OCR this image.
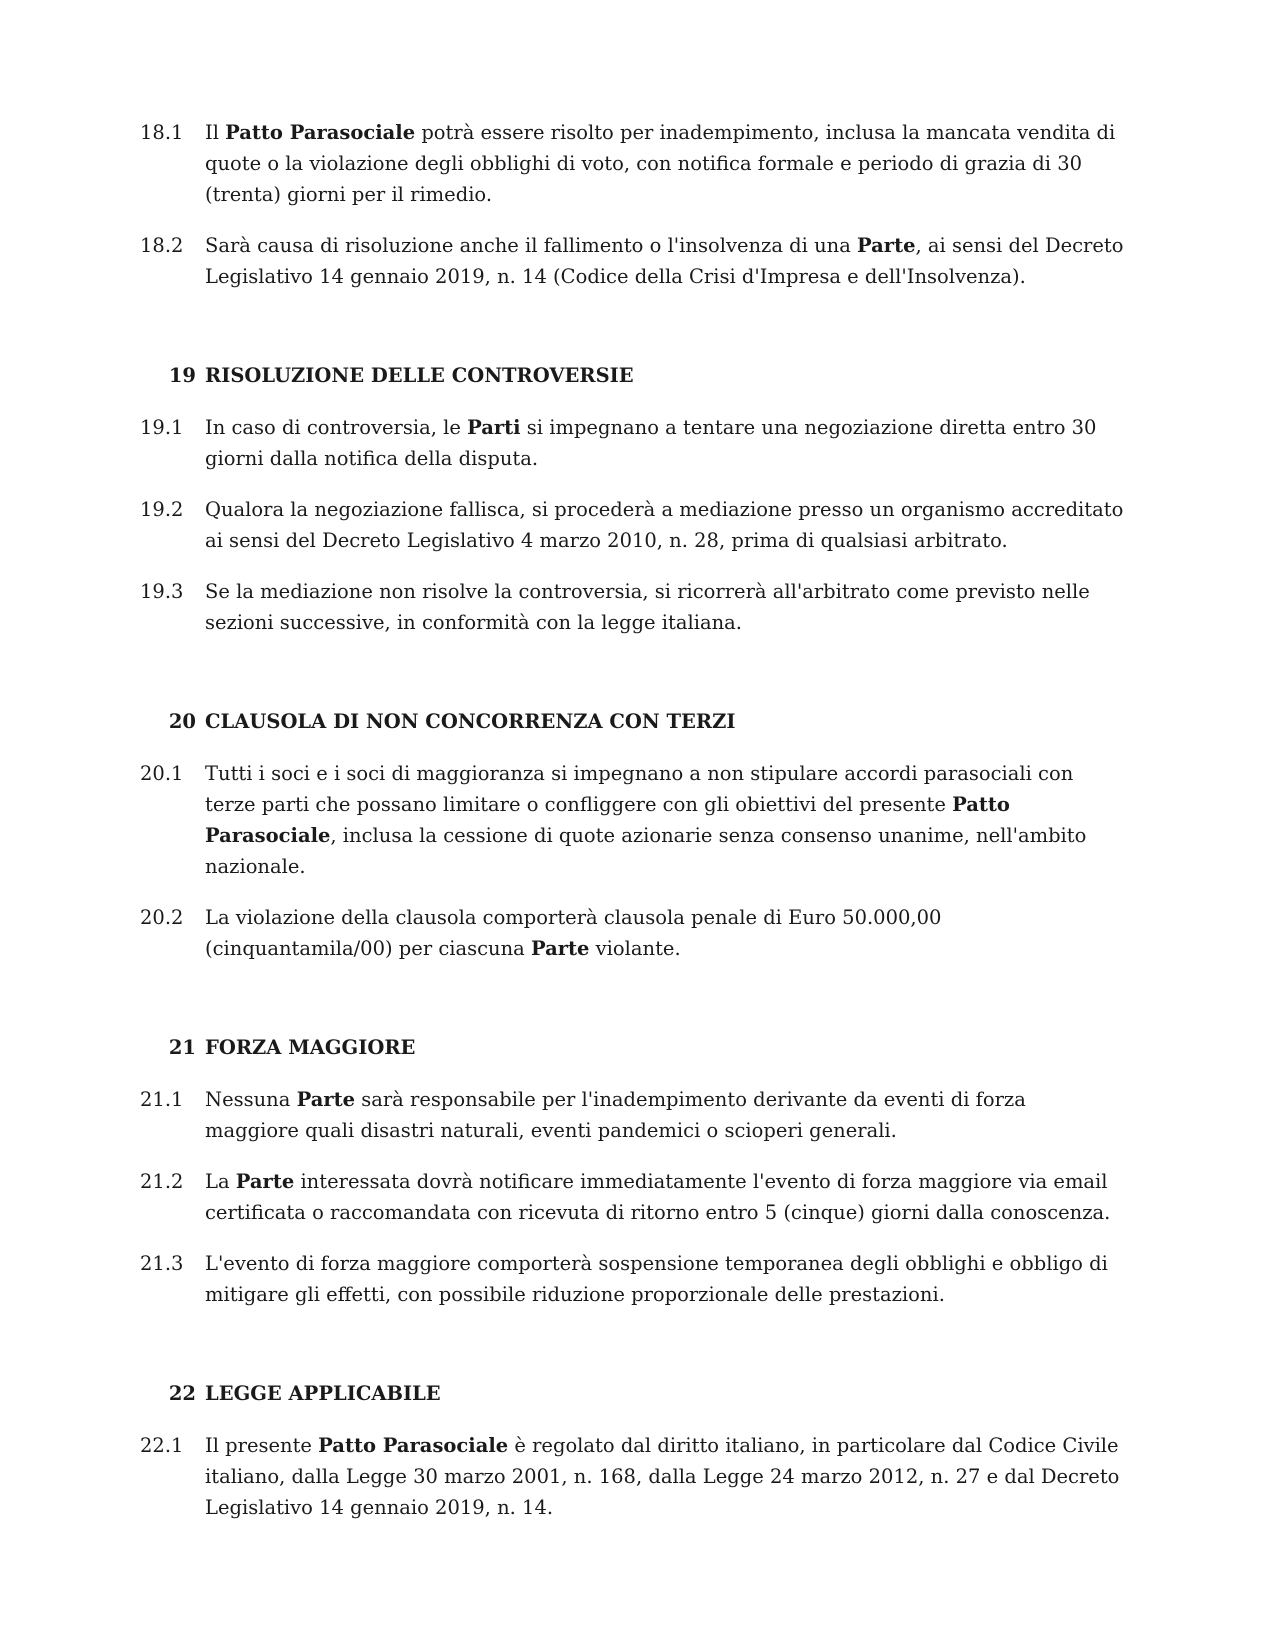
18.1	Il Patto Parasociale potrà essere risolto per inadempimento, inclusa la mancata vendita di quote o la violazione degli obblighi di voto, con notifica formale e periodo di grazia di 30 (trenta) giorni per il rimedio.
18.2	Sarà causa di risoluzione anche il fallimento o l'insolvenza di una Parte, ai sensi del Decreto Legislativo 14 gennaio 2019, n. 14 (Codice della Crisi d'Impresa e dell'Insolvenza).
19 RISOLUZIONE DELLE CONTROVERSIE
19.1	In caso di controversia, le Parti si impegnano a tentare una negoziazione diretta entro 30 giorni dalla notifica della disputa.
19.2	Qualora la negoziazione fallisca, si procederà a mediazione presso un organismo accreditato ai sensi del Decreto Legislativo 4 marzo 2010, n. 28, prima di qualsiasi arbitrato.
19.3	Se la mediazione non risolve la controversia, si ricorrerà all'arbitrato come previsto nelle sezioni successive, in conformità con la legge italiana.
20 CLAUSOLA DI NON CONCORRENZA CON TERZI
20.1	Tutti i soci e i soci di maggioranza si impegnano a non stipulare accordi parasociali con terze parti che possano limitare o confliggere con gli obiettivi del presente Patto Parasociale, inclusa la cessione di quote azionarie senza consenso unanime, nell'ambito nazionale.
20.2	La violazione della clausola comporterà clausola penale di Euro 50.000,00 (cinquantamila/00) per ciascuna Parte violante.
21 FORZA MAGGIORE
21.1	Nessuna Parte sarà responsabile per l'inadempimento derivante da eventi di forza maggiore quali disastri naturali, eventi pandemici o scioperi generali.
21.2	La Parte interessata dovrà notificare immediatamente l'evento di forza maggiore via email certificata o raccomandata con ricevuta di ritorno entro 5 (cinque) giorni dalla conoscenza.
21.3	L'evento di forza maggiore comporterà sospensione temporanea degli obblighi e obbligo di mitigare gli effetti, con possibile riduzione proporzionale delle prestazioni.
22 LEGGE APPLICABILE
22.1	Il presente Patto Parasociale è regolato dal diritto italiano, in particolare dal Codice Civile italiano, dalla Legge 30 marzo 2001, n. 168, dalla Legge 24 marzo 2012, n. 27 e dal Decreto Legislativo 14 gennaio 2019, n. 14.
